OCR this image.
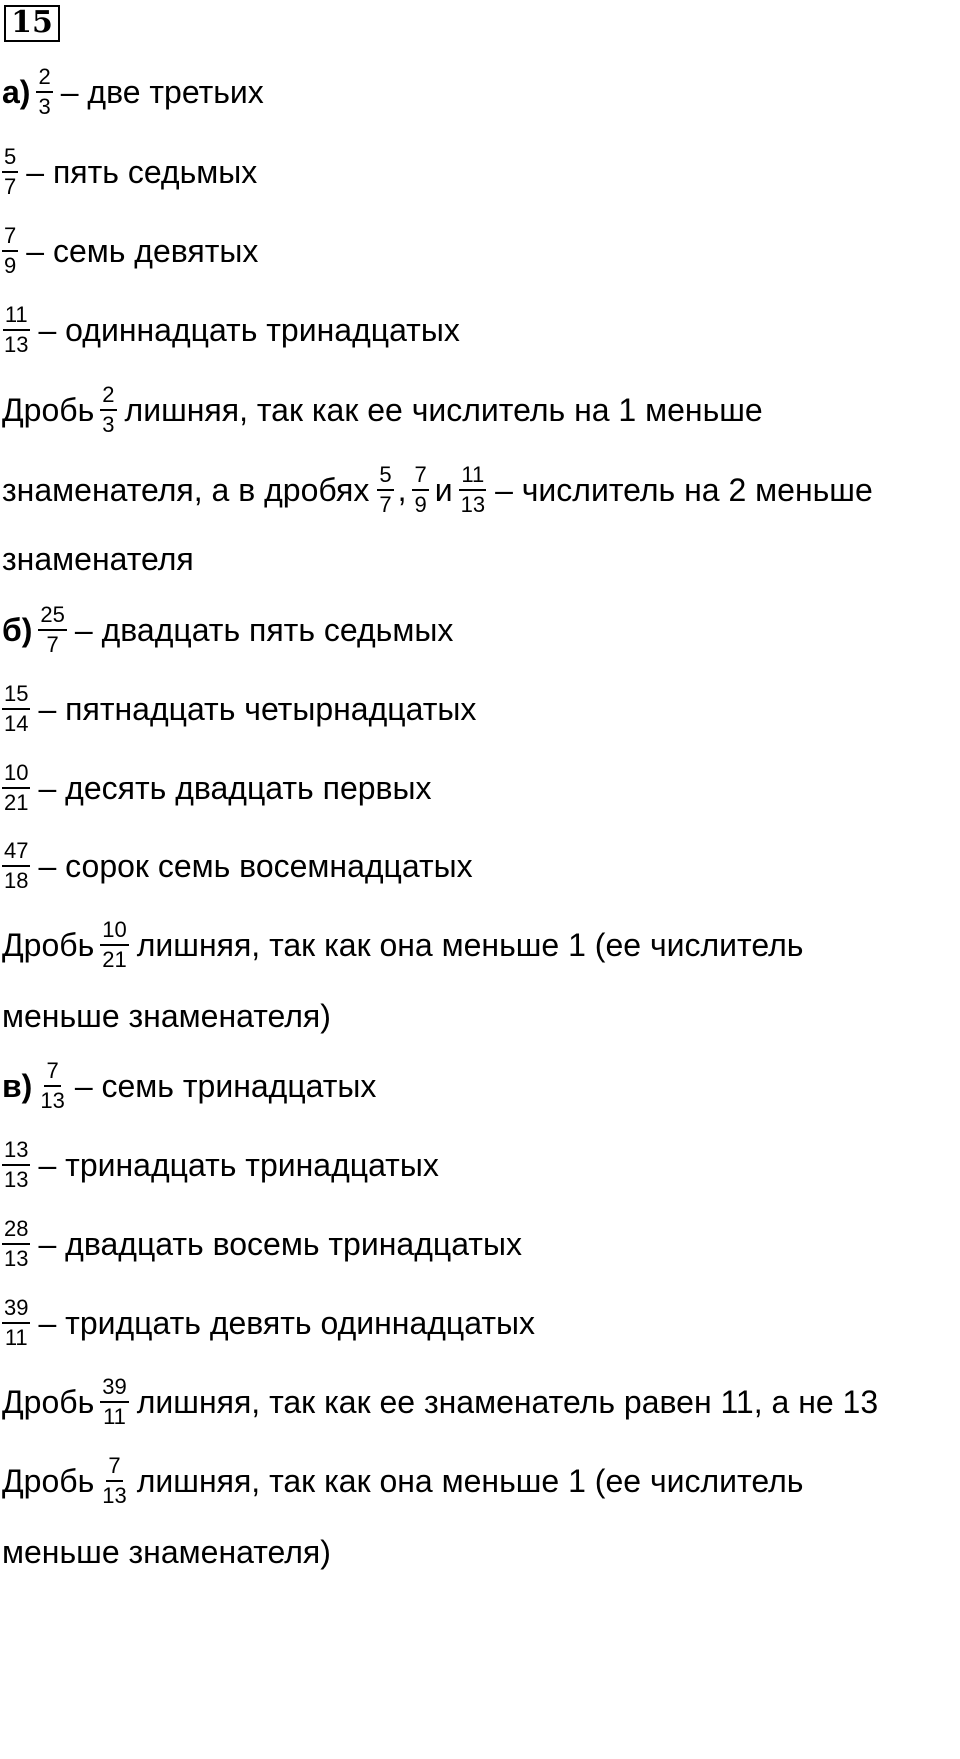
15
$а) \frac{2}{3}$ – две третьих
$\frac{5}{7}$ – пять седьмых
$\frac{7}{9}$ – семь девятых
$\frac{11}{13}$ – одиннадцать тринадцатых
Дробь $\frac{2}{3}$ лишняя, так как ее числитель на 1 меньше
знаменателя, а в дробях $\frac{5}{7}$ , $\frac{7}{9}$ и $\frac{11}{13}$ – числитель на 2 меньше
знаменателя
$б) \frac{25}{7}$ – двадцать пять седьмых
$\frac{15}{14}$ – пятнадцать четырнадцатых
$\frac{10}{21}$ – десять двадцать первых
$\frac{47}{18}$ – сорок семь восемнадцатых
Дробь $\frac{10}{21}$ лишняя, так как она меньше 1 (ее числитель
меньше знаменателя)
$в) \frac{7}{13}$ – семь тринадцатых
$\frac{13}{13}$ – тринадцать тринадцатых
$\frac{28}{13}$ – двадцать восемь тринадцатых
$\frac{39}{11}$ – тридцать девять одиннадцатых
Дробь $\frac{39}{11}$ лишняя, так как ее знаменатель равен 11, а не 13
Дробь $\frac{7}{13}$ лишняя, так как она меньше 1 (ее числитель
меньше знаменателя)
